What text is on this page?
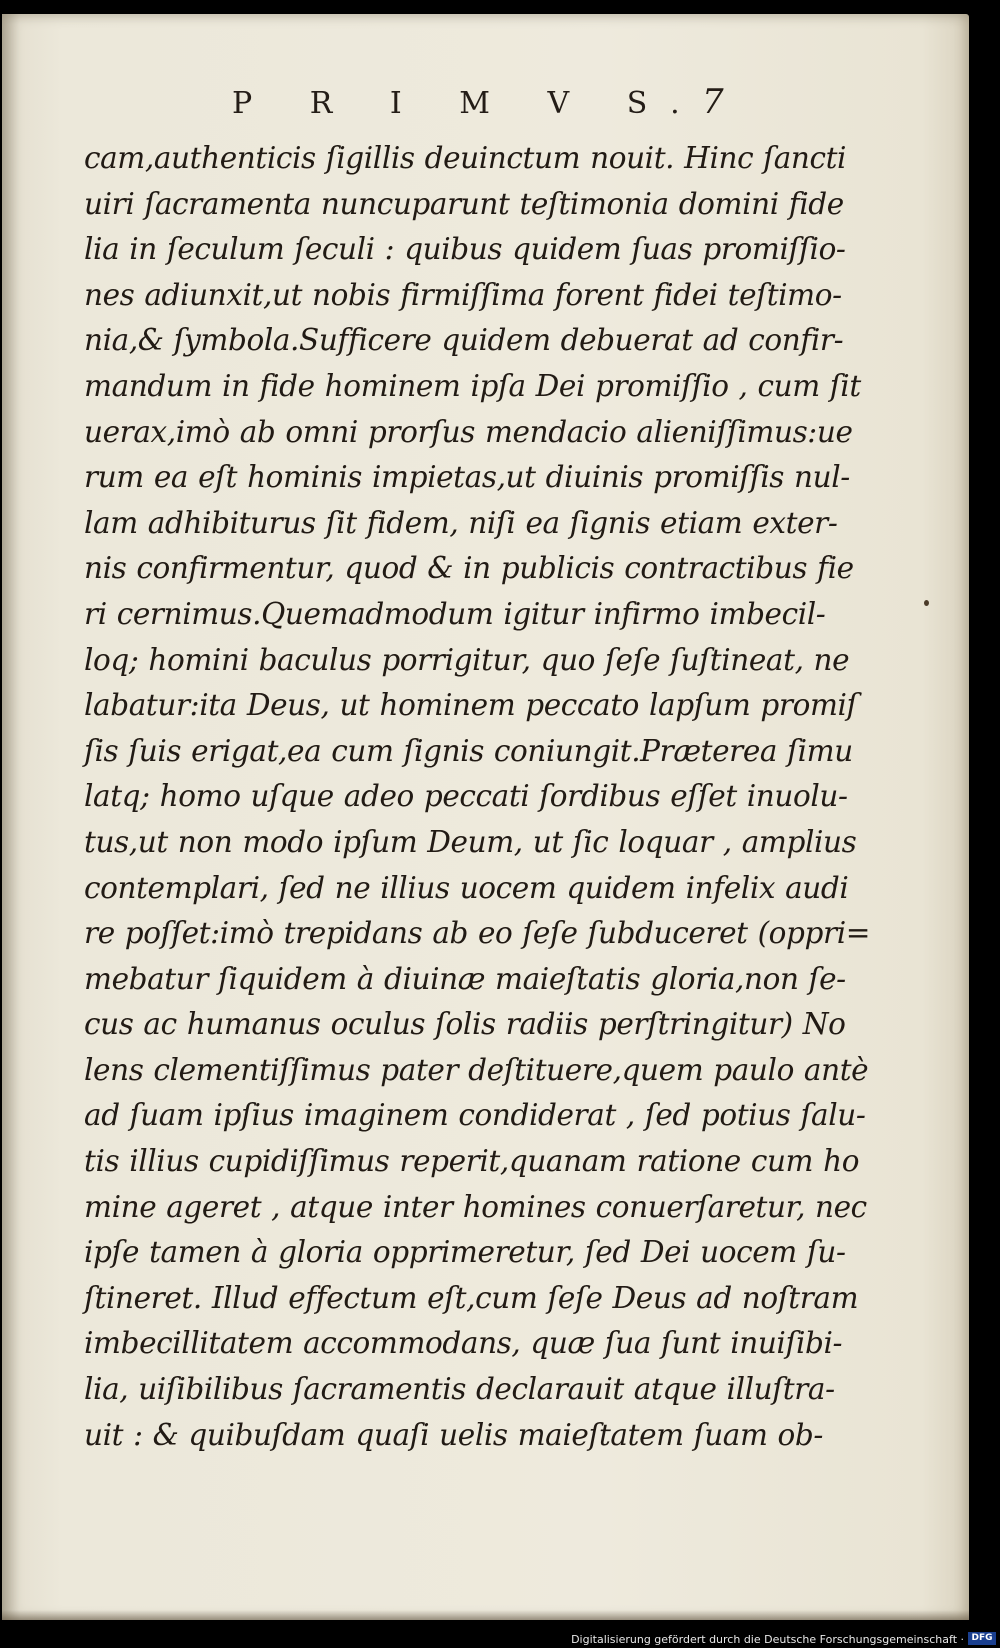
P R I M V S.
7
cam,authenticis ſigillis deuinctum nouit. Hinc ſancti
uiri ſacramenta nuncuparunt teſtimonia domini fide
lia in ſeculum ſeculi : quibus quidem ſuas promiſſio-
nes adiunxit,ut nobis firmiſſima forent fidei teſtimo-
nia,& ſymbola.Sufficere quidem debuerat ad confir-
mandum in fide hominem ipſa Dei promiſſio , cum ſit
uerax,imò ab omni prorſus mendacio alieniſſimus:ue
rum ea eſt hominis impietas,ut diuinis promiſſis nul-
lam adhibiturus ſit fidem, niſi ea ſignis etiam exter-
nis confirmentur, quod & in publicis contractibus fie
ri cernimus.Quemadmodum igitur infirmo imbecil-
loq; homini baculus porrigitur, quo ſeſe ſuſtineat, ne
labatur:ita Deus, ut hominem peccato lapſum promiſ
ſis ſuis erigat,ea cum ſignis coniungit.Præterea ſimu
latq; homo uſque adeo peccati ſordibus eſſet inuolu-
tus,ut non modo ipſum Deum, ut ſic loquar , amplius
contemplari, ſed ne illius uocem quidem infelix audi
re poſſet:imò trepidans ab eo ſeſe ſubduceret (oppri=
mebatur ſiquidem à diuinæ maieſtatis gloria,non ſe-
cus ac humanus oculus ſolis radiis perſtringitur) No
lens clementiſſimus pater deſtituere,quem paulo antè
ad ſuam ipſius imaginem condiderat , ſed potius ſalu-
tis illius cupidiſſimus reperit,quanam ratione cum ho
mine ageret , atque inter homines conuerſaretur, nec
ipſe tamen à gloria opprimeretur, ſed Dei uocem ſu-
ſtineret. Illud effectum eſt,cum ſeſe Deus ad noſtram
imbecillitatem accommodans, quæ ſua ſunt inuiſibi-
lia, uiſibilibus ſacramentis declarauit atque illuſtra-
uit : & quibuſdam quaſi uelis maieſtatem ſuam ob-
Digitalisierung gefördert durch die Deutsche Forschungsgemeinschaft · DFG
